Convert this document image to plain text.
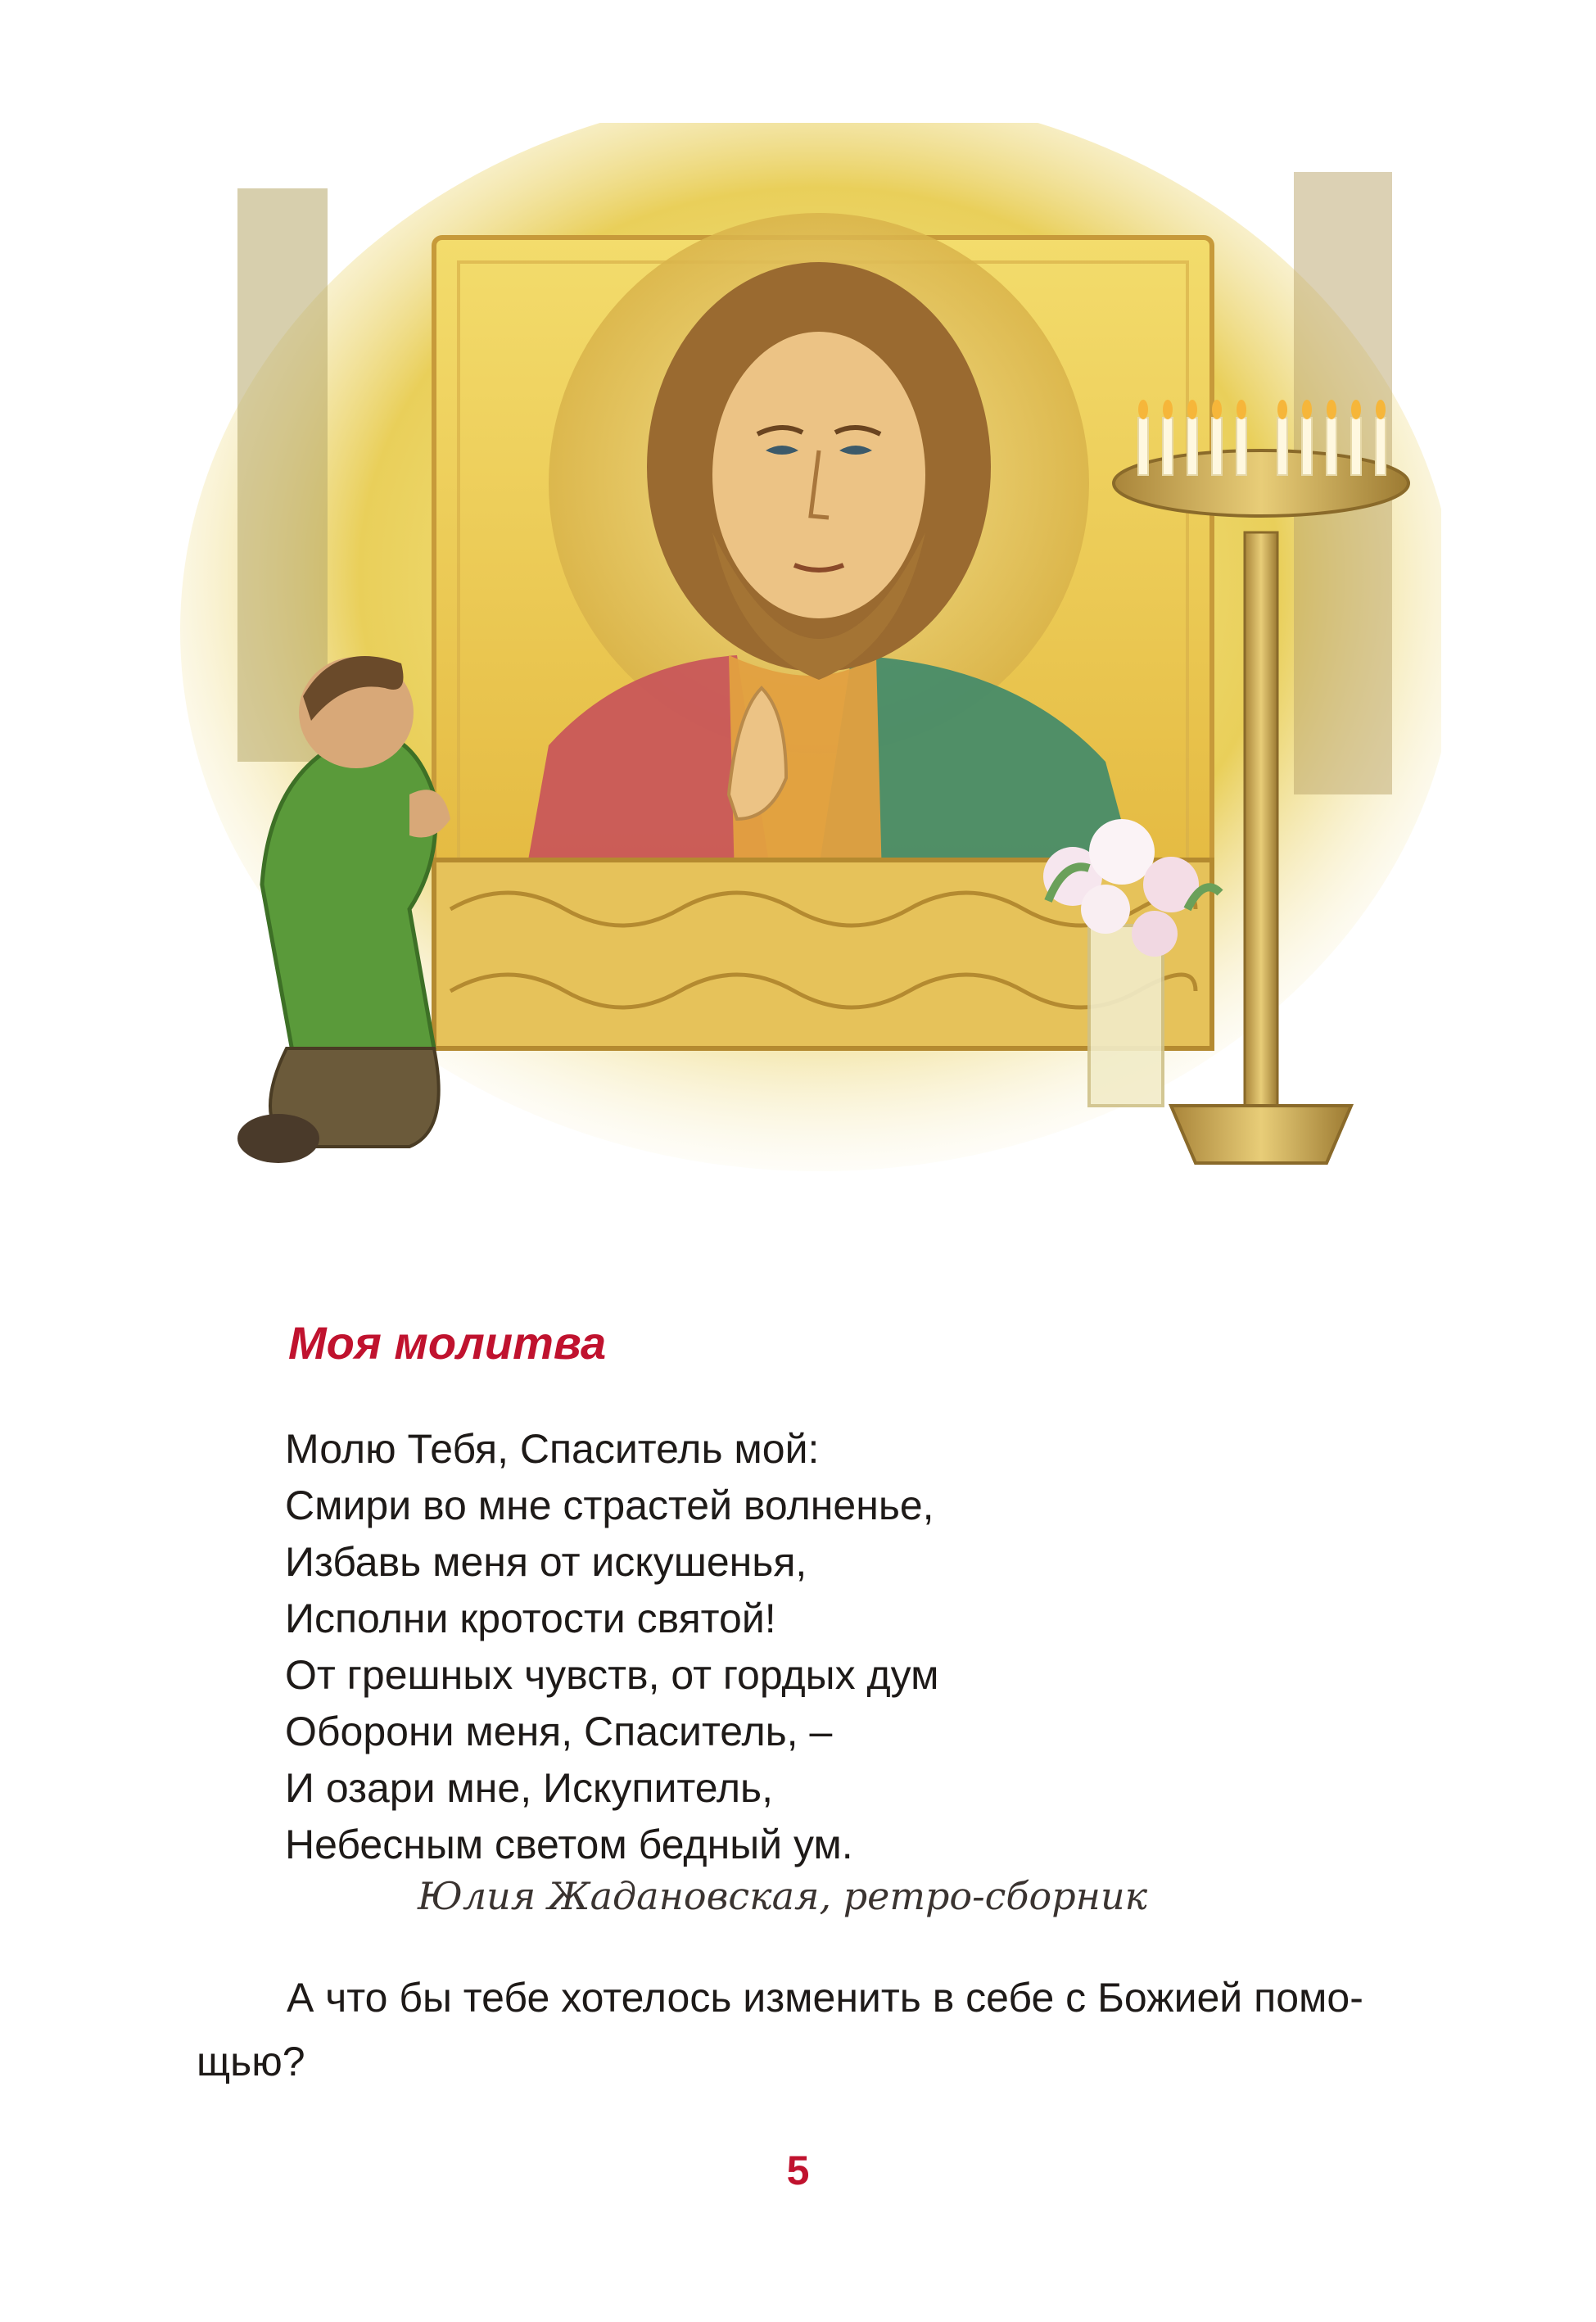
Моя молитва
Молю Тебя, Спаситель мой:
Смири во мне страстей волненье,
Избавь меня от искушенья,
Исполни кротости святой!
От грешных чувств, от гордых дум
Оборони меня, Спаситель, –
И озари мне, Искупитель,
Небесным светом бедный ум.
Юлия Жадановская, ретро-сборник

А что бы тебе хотелось изменить в себе с Божией помо-
щью?

5
